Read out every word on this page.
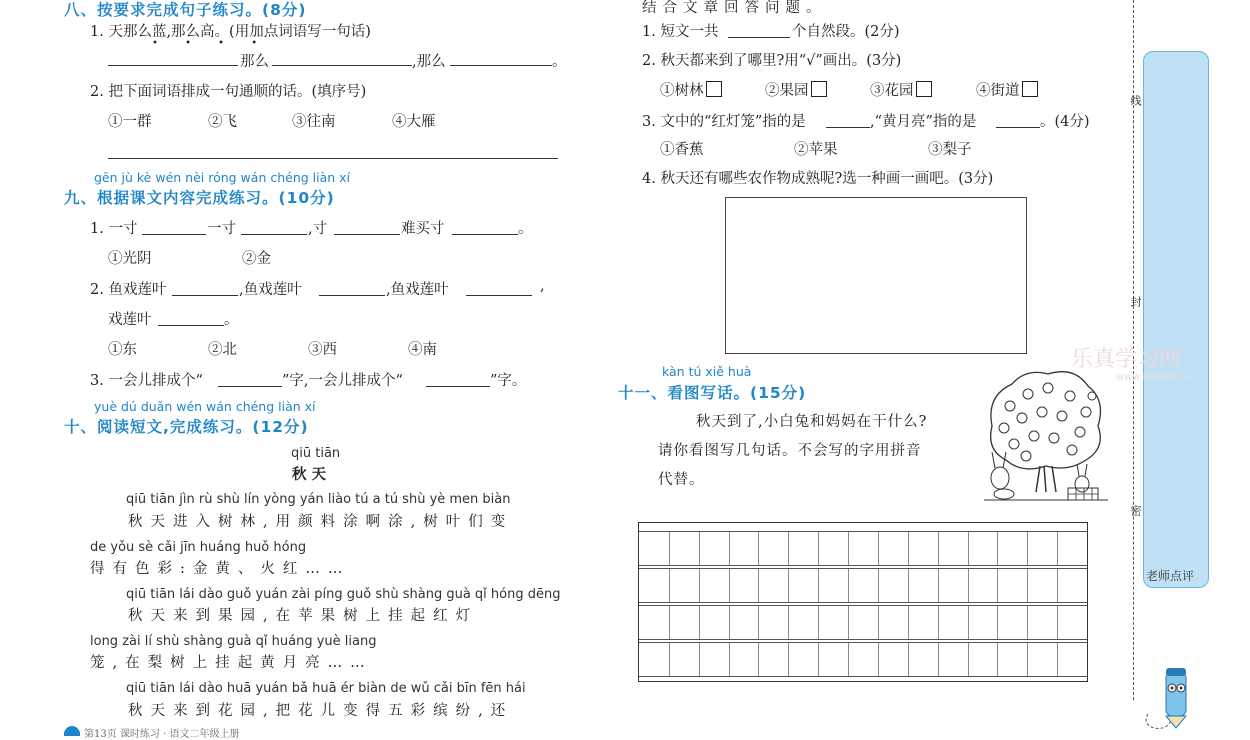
八、按要求完成句子练习。(8分)
1. 天那么蓝,那么高。(用加点词语写一句话)
• • • •
那么	,那么	。
2. 把下面词语排成一句通顺的话。(填序号)
①一群	②飞	③往南	④大雁
gēn jù kè wén nèi róng wán chéng liàn xí
九、根据课文内容完成练习。(10分)
1. 一寸	一寸	,寸	难买寸	。
①光阴	②金
2. 鱼戏莲叶	,鱼戏莲叶	,鱼戏莲叶	,
戏莲叶	。
①东	②北	③西	④南
3. 一会儿排成个“	”字,一会儿排成个“	”字。
yuè dú duǎn wén wán chéng liàn xí
十、阅读短文,完成练习。(12分)
qiū tiān
秋 天
qiū tiān jìn rù shù lín yòng yán liào tú a tú shù yè men biàn
秋天进入树林,用颜料涂啊涂,树叶们变
de yǒu sè cǎi jīn huáng huǒ hóng
得有色彩:金黄、火红……
qiū tiān lái dào guǒ yuán zài píng guǒ shù shàng guà qǐ hóng dēng
秋天来到果园,在苹果树上挂起红灯
long zài lí shù shàng guà qǐ huáng yuè liang
笼,在梨树上挂起黄月亮……
qiū tiān lái dào huā yuán bǎ huā ér biàn de wǔ cǎi bīn fēn hái
秋天来到花园,把花儿变得五彩缤纷,还
第13页 课时练习 · 语文二年级上册
结合文章回答问题。
1. 短文一共	个自然段。(2分)
2. 秋天都来到了哪里?用“√”画出。(3分)
①树林	②果园	③花园	④街道
3. 文中的“红灯笼”指的是	,“黄月亮”指的是	。(4分)
①香蕉	②苹果	③梨子
4. 秋天还有哪些农作物成熟呢?选一种画一画吧。(3分)
kàn tú xiě huà
十一、看图写话。(15分)
秋天到了,小白兔和妈妈在干什么?
请你看图写几句话。不会写的字用拼音
代替。
线
封
密
老师点评
乐真学习网
www.lezhen.cn
